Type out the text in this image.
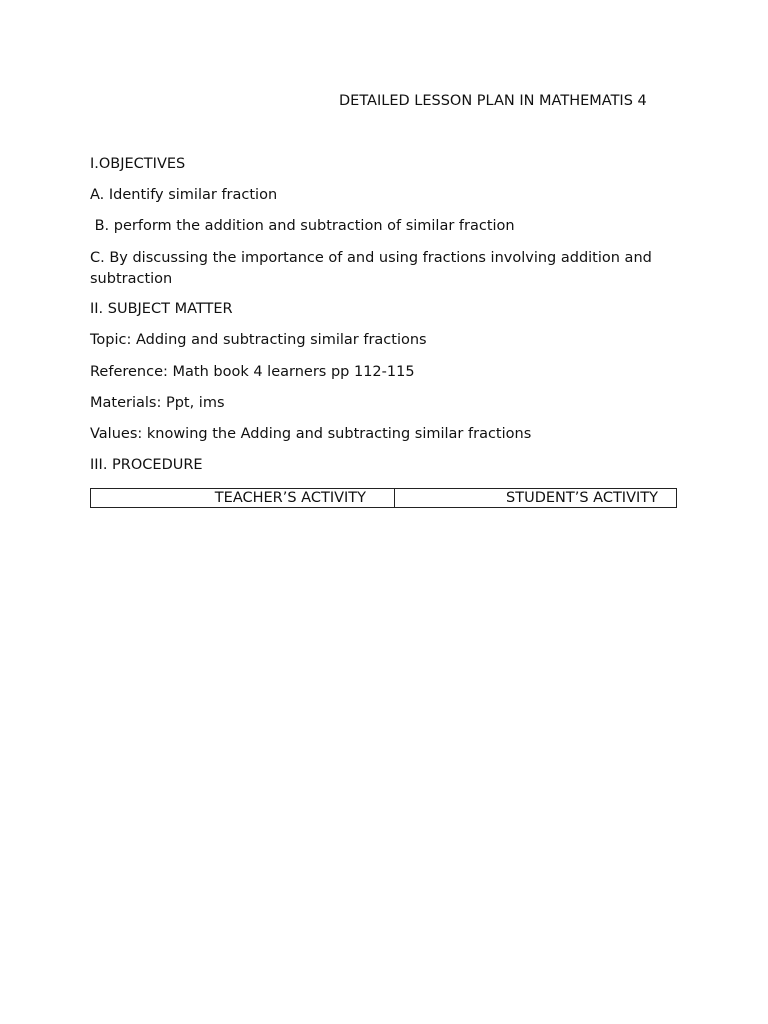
DETAILED LESSON PLAN IN MATHEMATIS 4
I.OBJECTIVES
A. Identify similar fraction
B. perform the addition and subtraction of similar fraction
C. By discussing the importance of and using fractions involving addition and subtraction
II. SUBJECT MATTER
Topic: Adding and subtracting similar fractions
Reference: Math book 4 learners pp 112-115
Materials: Ppt, ims
Values: knowing the Adding and subtracting similar fractions
III. PROCEDURE
TEACHER’S ACTIVITY	STUDENT’S ACTIVITY
